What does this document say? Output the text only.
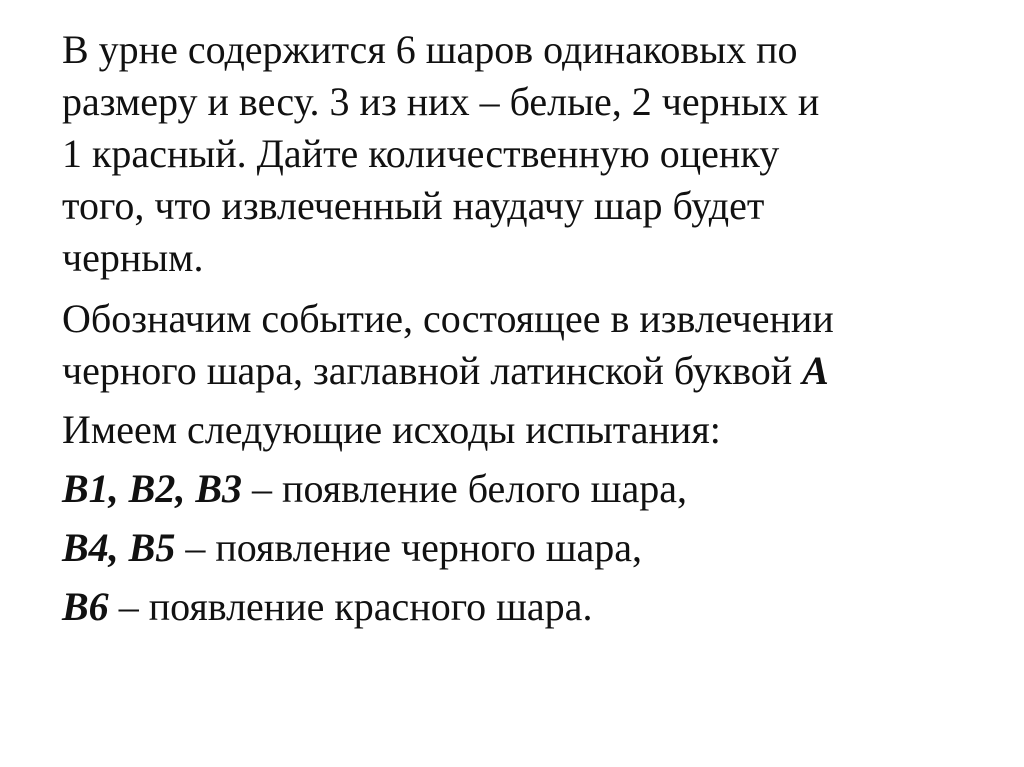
В урне содержится 6 шаров одинаковых по
размеру и весу. 3 из них – белые, 2 черных и
1 красный. Дайте количественную оценку
того, что извлеченный наудачу шар будет
черным.

Обозначим событие, состоящее в извлечении
черного шара, заглавной латинской буквой А

Имеем следующие исходы испытания:

В1, В2, В3 – появление белого шара,

В4, В5 – появление черного шара,

В6 – появление красного шара.
